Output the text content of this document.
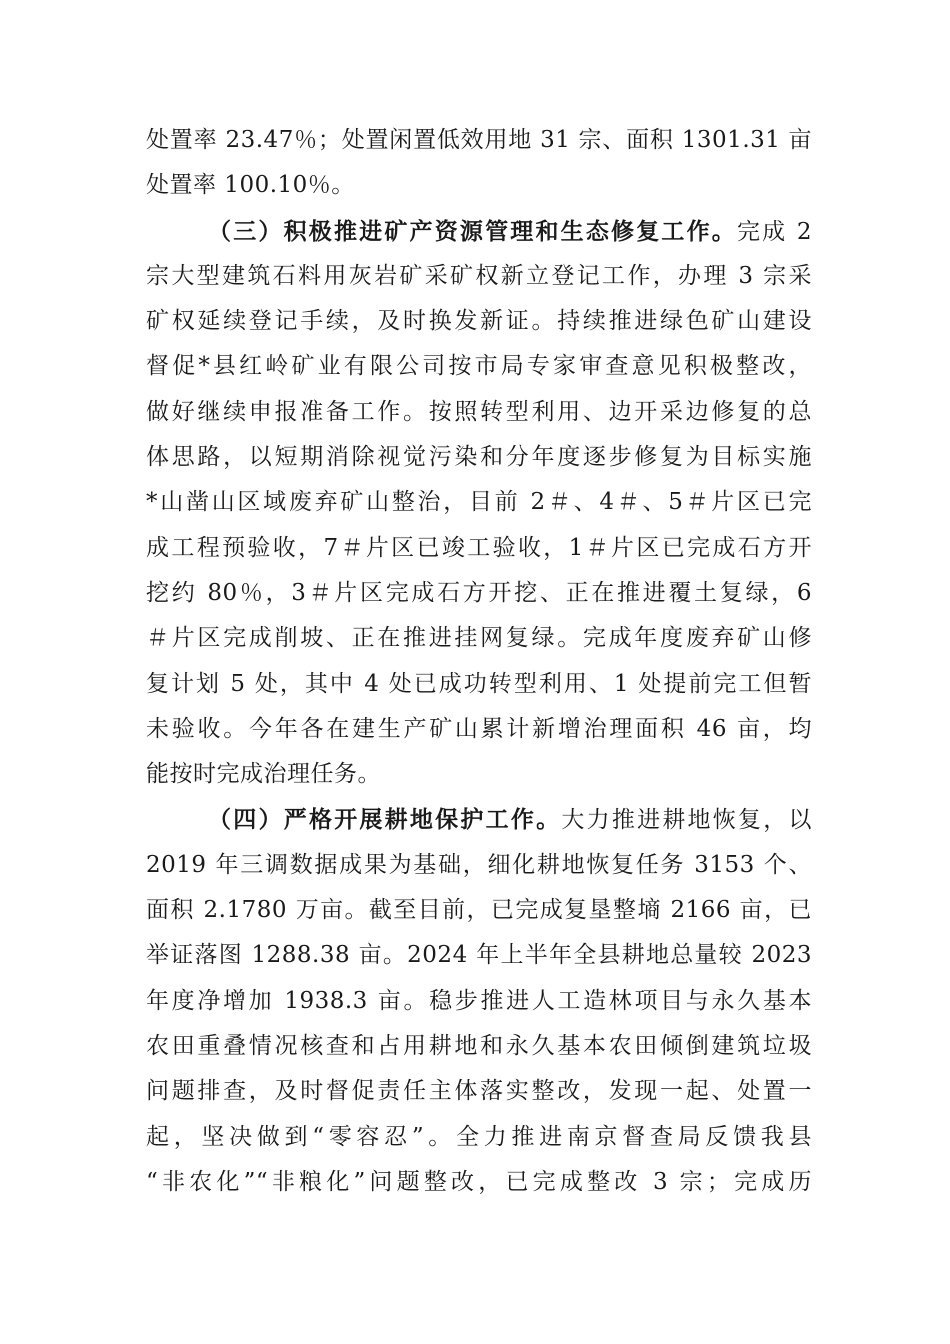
处置率 23.47％；处置闲置低效用地 31 宗、面积 1301.31 亩
处置率 100.10％。
（三）积极推进矿产资源管理和生态修复工作。完成 2
宗大型建筑石料用灰岩矿采矿权新立登记工作，办理 3 宗采
矿权延续登记手续，及时换发新证。持续推进绿色矿山建设
督促*县红岭矿业有限公司按市局专家审查意见积极整改，
做好继续申报准备工作。按照转型利用、边开采边修复的总
体思路，以短期消除视觉污染和分年度逐步修复为目标实施
*山凿山区域废弃矿山整治，目前 2＃、4＃、5＃片区已完
成工程预验收，7＃片区已竣工验收，1＃片区已完成石方开
挖约 80％，3＃片区完成石方开挖、正在推进覆土复绿，6
＃片区完成削坡、正在推进挂网复绿。完成年度废弃矿山修
复计划 5 处，其中 4 处已成功转型利用、1 处提前完工但暂
未验收。今年各在建生产矿山累计新增治理面积 46 亩，均
能按时完成治理任务。
（四）严格开展耕地保护工作。大力推进耕地恢复，以
2019 年三调数据成果为基础，细化耕地恢复任务 3153 个、
面积 2.1780 万亩。截至目前，已完成复垦整墒 2166 亩，已
举证落图 1288.38 亩。2024 年上半年全县耕地总量较 2023
年度净增加 1938.3 亩。稳步推进人工造林项目与永久基本
农田重叠情况核查和占用耕地和永久基本农田倾倒建筑垃圾
问题排查，及时督促责任主体落实整改，发现一起、处置一
起，坚决做到“零容忍”。全力推进南京督查局反馈我县
“非农化”“非粮化”问题整改，已完成整改 3 宗；完成历
